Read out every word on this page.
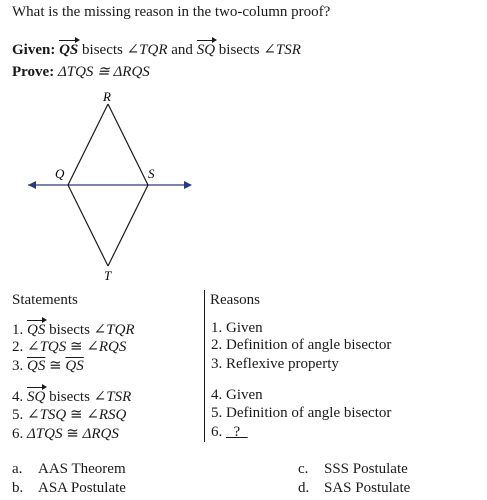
What is the missing reason in the two-column proof?
Given: QS bisects ∠TQR and SQ bisects ∠TSR
Prove: ΔTQS ≅ ΔRQS
R
Q	S
T
Statements	Reasons
1. QS bisects ∠TQR
2. ∠TQS ≅ ∠RQS
3. $\overline{QS}$ ≅ $\overline{QS}$
4. SQ bisects ∠TSR
5. ∠TSQ ≅ ∠RSQ
6. ΔTQS ≅ ΔRQS
1. Given
2. Definition of angle bisector
3. Reflexive property
4. Given
5. Definition of angle bisector
6.   ?
a. AAS Theorem
b. ASA Postulate
c. SSS Postulate
d. SAS Postulate
